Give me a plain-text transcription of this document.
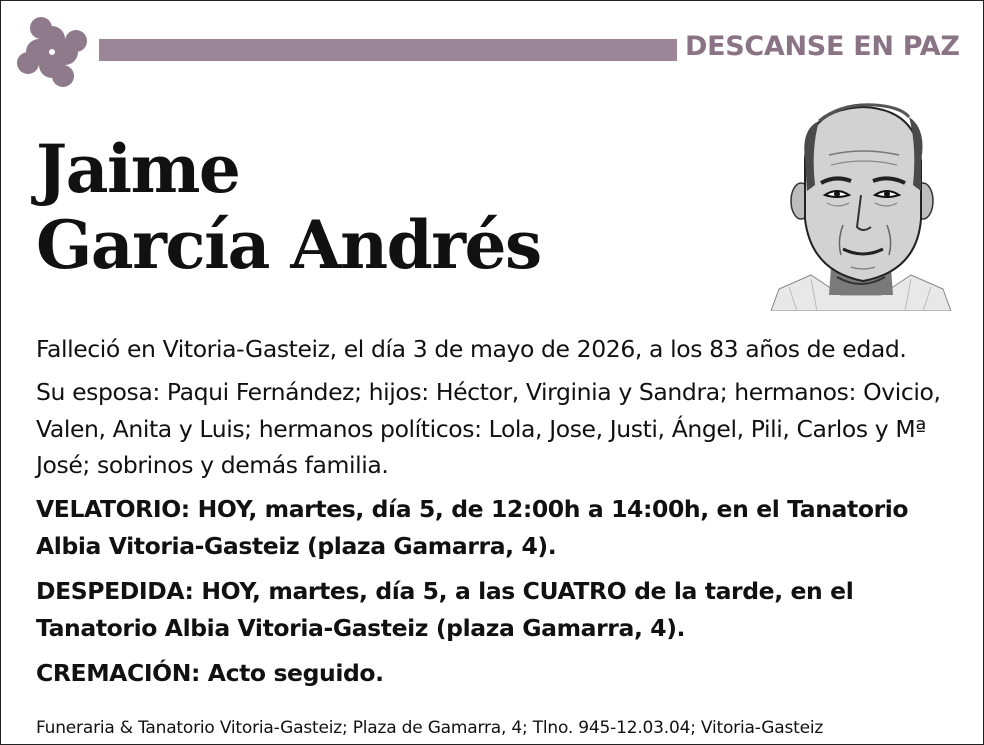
DESCANSE EN PAZ
Jaime
García Andrés
Falleció en Vitoria-Gasteiz, el día 3 de mayo de 2026, a los 83 años de edad.
Su esposa: Paqui Fernández; hijos: Héctor, Virginia y Sandra; hermanos: Ovicio, Valen, Anita y Luis; hermanos políticos: Lola, Jose, Justi, Ángel, Pili, Carlos y Mª José; sobrinos y demás familia.
VELATORIO: HOY, martes, día 5, de 12:00h a 14:00h, en el Tanatorio Albia Vitoria-Gasteiz (plaza Gamarra, 4).
DESPEDIDA: HOY, martes, día 5, a las CUATRO de la tarde, en el Tanatorio Albia Vitoria-Gasteiz (plaza Gamarra, 4).
CREMACIÓN: Acto seguido.
Funeraria & Tanatorio Vitoria-Gasteiz; Plaza de Gamarra, 4; Tlno. 945-12.03.04; Vitoria-Gasteiz
